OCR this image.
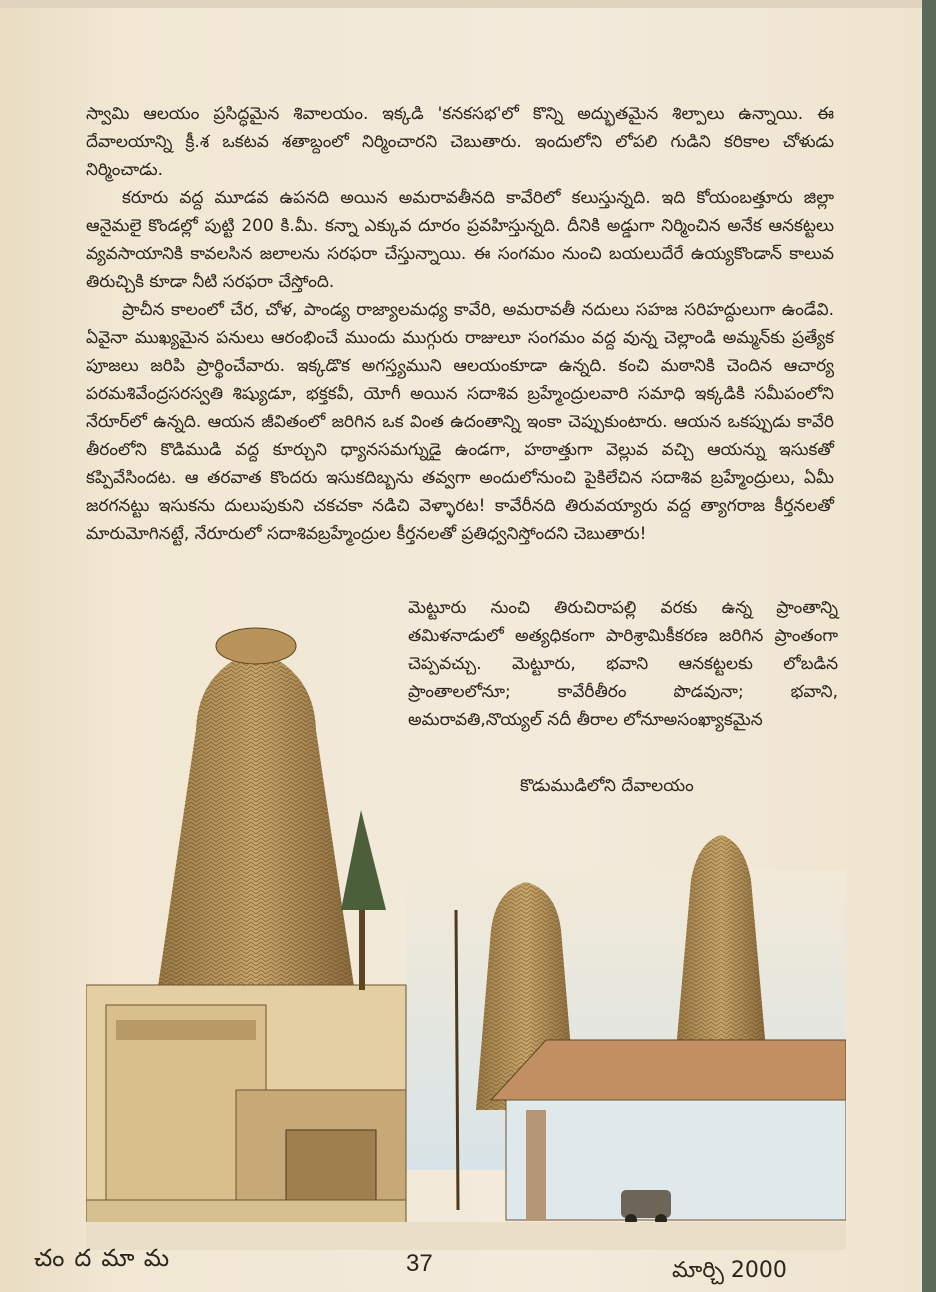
స్వామి ఆలయం ప్రసిద్ధమైన శివాలయం. ఇక్కడి 'కనకసభ'లో కొన్ని అద్భుతమైన శిల్పాలు ఉన్నాయి. ఈ దేవాలయాన్ని క్రీ.శ ఒకటవ శతాబ్దంలో నిర్మించారని చెబుతారు. ఇందులోని లోపలి గుడిని కరికాల చోళుడు నిర్మించాడు.

కరూరు వద్ద మూడవ ఉపనది అయిన అమరావతీనది కావేరిలో కలుస్తున్నది. ఇది కోయంబత్తూరు జిల్లా ఆనైమలై కొండల్లో పుట్టి 200 కి.మీ. కన్నా ఎక్కువ దూరం ప్రవహిస్తున్నది. దీనికి అడ్డుగా నిర్మించిన అనేక ఆనకట్టలు వ్యవసాయానికి కావలసిన జలాలను సరఫరా చేస్తున్నాయి. ఈ సంగమం నుంచి బయలుదేరే ఉయ్యకొండాన్ కాలువ తిరుచ్చికి కూడా నీటి సరఫరా చేస్తోంది.

ప్రాచీన కాలంలో చేర, చోళ, పాండ్య రాజ్యాలమధ్య కావేరి, అమరావతీ నదులు సహజ సరిహద్దులుగా ఉండేవి. ఏవైనా ముఖ్యమైన పనులు ఆరంభించే ముందు ముగ్గురు రాజులూ సంగమం వద్ద వున్న చెల్లాండి అమ్మన్‌కు ప్రత్యేక పూజలు జరిపి ప్రార్థించేవారు. ఇక్కడొక అగస్త్యముని ఆలయంకూడా ఉన్నది. కంచి మఠానికి చెందిన ఆచార్య పరమశివేంద్రసరస్వతి శిష్యుడూ, భక్తకవీ, యోగీ అయిన సదాశివ బ్రహ్మేంద్రులవారి సమాధి ఇక్కడికి సమీపంలోని నేరూర్‌లో ఉన్నది. ఆయన జీవితంలో జరిగిన ఒక వింత ఉదంతాన్ని ఇంకా చెప్పుకుంటారు. ఆయన ఒకప్పుడు కావేరి తీరంలోని కొడిముడి వద్ద కూర్చుని ధ్యానసమగ్నుడై ఉండగా, హఠాత్తుగా వెల్లువ వచ్చి ఆయన్ను ఇసుకతో కప్పివేసిందట. ఆ తరవాత కొందరు ఇసుకదిబ్బను తవ్వగా అందులోనుంచి పైకిలేచిన సదాశివ బ్రహ్మేంద్రులు, ఏమీ జరగనట్టు ఇసుకను దులుపుకుని చకచకా నడిచి వెళ్ళారట! కావేరీనది తిరువయ్యారు వద్ద త్యాగరాజ కీర్తనలతో మారుమోగినట్టే, నేరూరులో సదాశివబ్రహ్మేంద్రుల కీర్తనలతో ప్రతిధ్వనిస్తోందని చెబుతారు!

మెట్టూరు నుంచి తిరుచిరాపల్లి వరకు ఉన్న ప్రాంతాన్ని తమిళనాడులో అత్యధికంగా పారిశ్రామికీకరణ జరిగిన ప్రాంతంగా చెప్పవచ్చు. మెట్టూరు, భవాని ఆనకట్టలకు లోబడిన ప్రాంతాలలోనూ; కావేరీతీరం పొడవునా; భవాని, అమరావతి,నొయ్యల్ నదీ తీరాల లోనూఅసంఖ్యాకమైన

కొడుముడిలోని దేవాలయం
చందమామ	37	మార్చి 2000
